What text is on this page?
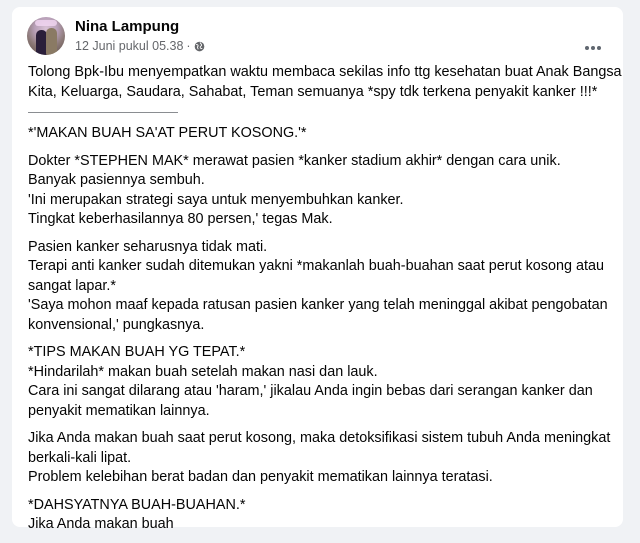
Nina Lampung
12 Juni pukul 05.38 ·
Tolong Bpk-Ibu menyempatkan waktu membaca sekilas info ttg kesehatan buat Anak Bangsa
Kita, Keluarga, Saudara, Sahabat, Teman semuanya *spy tdk terkena penyakit kanker !!!*
*'MAKAN BUAH SA'AT PERUT KOSONG.'*
Dokter *STEPHEN MAK* merawat pasien *kanker stadium akhir* dengan cara unik.
Banyak pasiennya sembuh.
'Ini merupakan strategi saya untuk menyembuhkan kanker.
Tingkat keberhasilannya 80 persen,' tegas Mak.
Pasien kanker seharusnya tidak mati.
Terapi anti kanker sudah ditemukan yakni *makanlah buah-buahan saat perut kosong atau
sangat lapar.*
'Saya mohon maaf kepada ratusan pasien kanker yang telah meninggal akibat pengobatan
konvensional,' pungkasnya.
*TIPS MAKAN BUAH YG TEPAT.*
*Hindarilah* makan buah setelah makan nasi dan lauk.
Cara ini sangat dilarang atau 'haram,' jikalau Anda ingin bebas dari serangan kanker dan
penyakit mematikan lainnya.
Jika Anda makan buah saat perut kosong, maka detoksifikasi sistem tubuh Anda meningkat
berkali-kali lipat.
Problem kelebihan berat badan dan penyakit mematikan lainnya teratasi.
*DAHSYATNYA BUAH-BUAHAN.*
Jika Anda makan buah
